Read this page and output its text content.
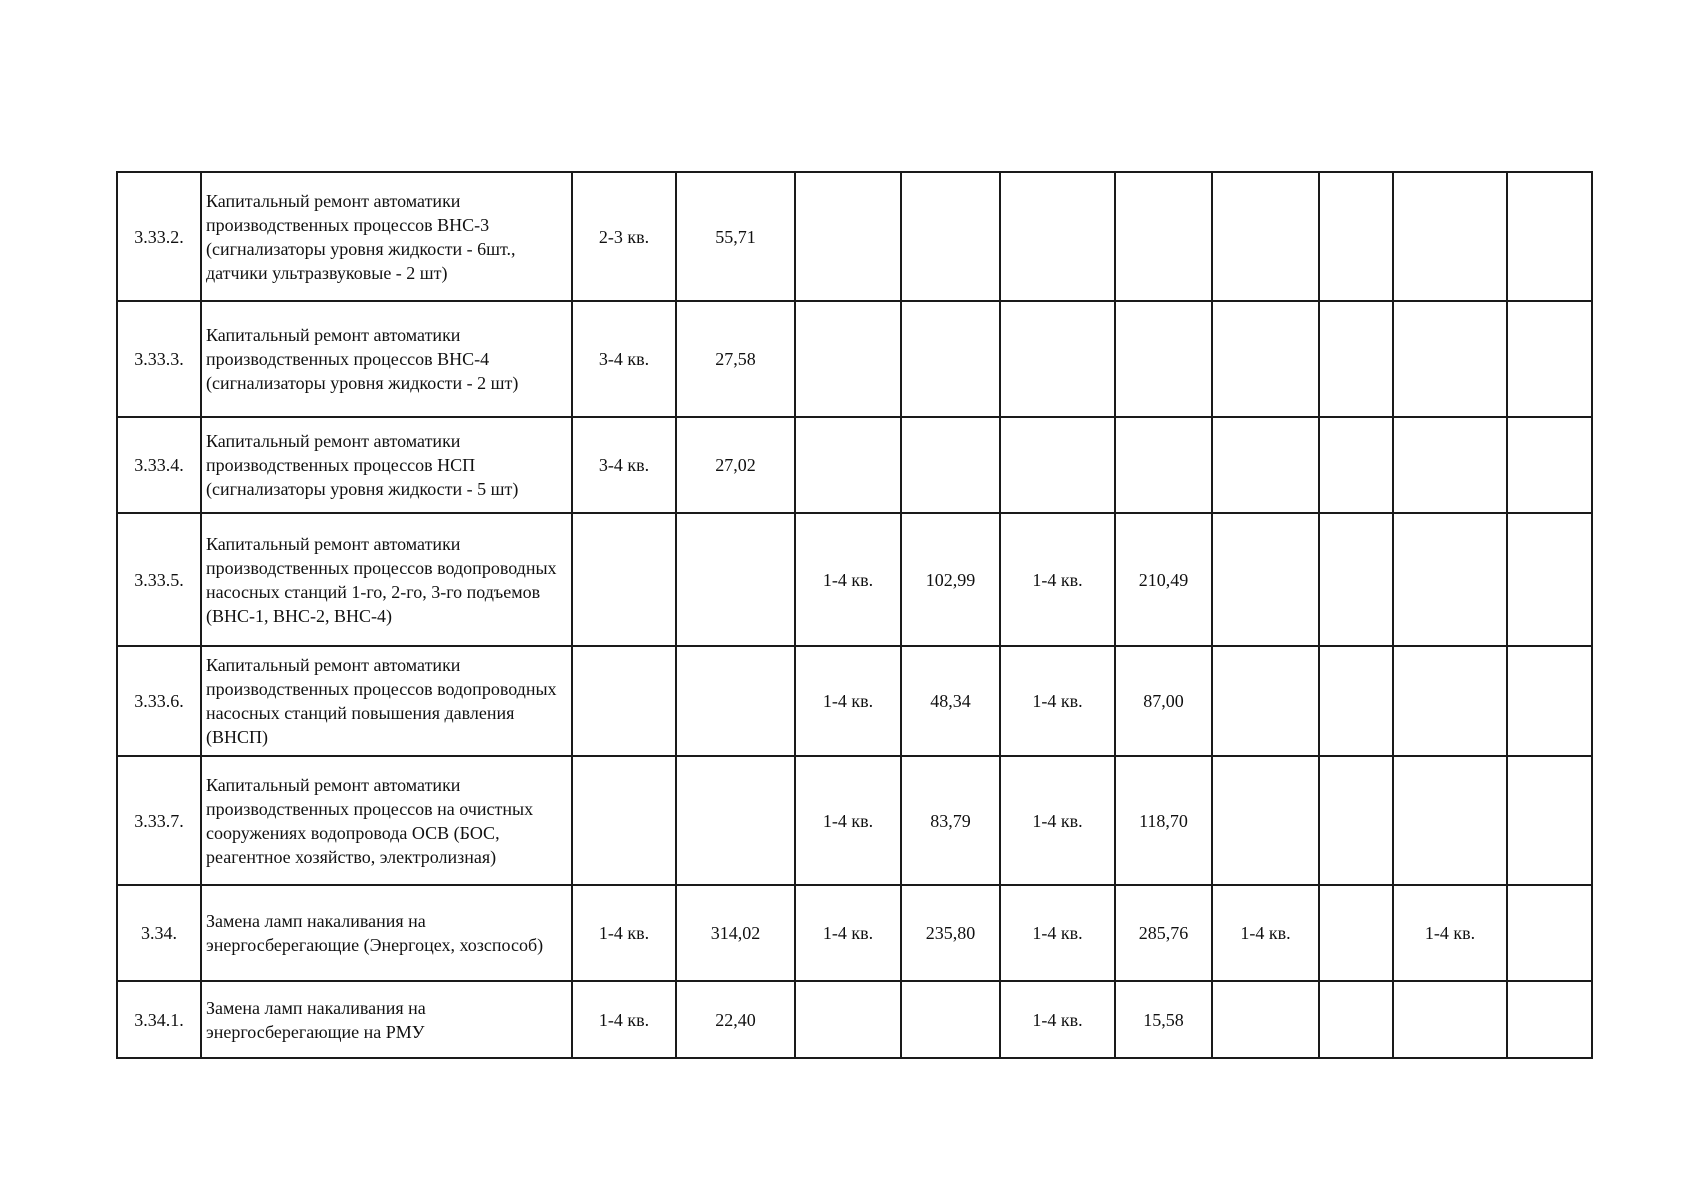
3.33.2.	Капитальный ремонт автоматики производственных процессов ВНС-3 (сигнализаторы уровня жидкости - 6шт., датчики ультразвуковые - 2 шт)	2-3 кв.	55,71								
3.33.3.	Капитальный ремонт автоматики производственных процессов ВНС-4 (сигнализаторы уровня жидкости - 2 шт)	3-4 кв.	27,58								
3.33.4.	Капитальный ремонт автоматики производственных процессов НСП (сигнализаторы уровня жидкости - 5 шт)	3-4 кв.	27,02								
3.33.5.	Капитальный ремонт автоматики производственных процессов водопроводных насосных станций 1-го, 2-го, 3-го подъемов (ВНС-1, ВНС-2, ВНС-4)			1-4 кв.	102,99	1-4 кв.	210,49				
3.33.6.	Капитальный ремонт автоматики производственных процессов водопроводных насосных станций повышения давления (ВНСП)			1-4 кв.	48,34	1-4 кв.	87,00				
3.33.7.	Капитальный ремонт автоматики производственных процессов на очистных сооружениях водопровода ОСВ (БОС, реагентное хозяйство, электролизная)			1-4 кв.	83,79	1-4 кв.	118,70				
3.34.	Замена ламп накаливания на энергосберегающие (Энергоцех, хозспособ)	1-4 кв.	314,02	1-4 кв.	235,80	1-4 кв.	285,76	1-4 кв.		1-4 кв.	
3.34.1.	Замена ламп накаливания на энергосберегающие на РМУ	1-4 кв.	22,40			1-4 кв.	15,58				
